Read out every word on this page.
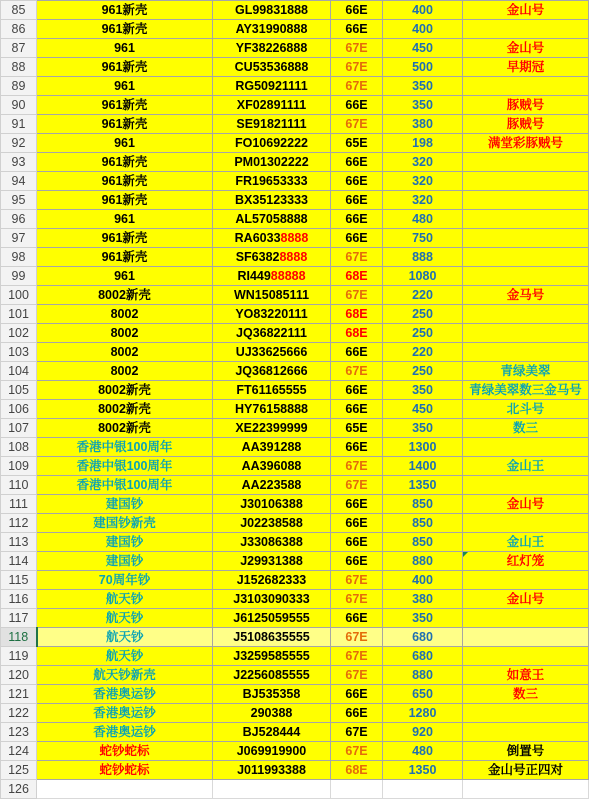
85	961新壳	GL99831888	66E	400	金山号
86	961新壳	AY31990888	66E	400	
87	961	YF38226888	67E	450	金山号
88	961新壳	CU53536888	67E	500	早期冠
89	961	RG50921111	67E	350	
90	961新壳	XF02891111	66E	350	豚贼号
91	961新壳	SE91821111	67E	380	豚贼号
92	961	FO10692222	65E	198	满堂彩豚贼号
93	961新壳	PM01302222	66E	320	
94	961新壳	FR19653333	66E	320	
95	961新壳	BX35123333	66E	320	
96	961	AL57058888	66E	480	
97	961新壳	RA60338888	66E	750	
98	961新壳	SF63828888	67E	888	
99	961	RI44988888	68E	1080	
100	8002新壳	WN15085111	67E	220	金马号
101	8002	YO83220111	68E	250	
102	8002	JQ36822111	68E	250	
103	8002	UJ33625666	66E	220	
104	8002	JQ36812666	67E	250	青绿美翠
105	8002新壳	FT61165555	66E	350	青绿美翠数三金马号
106	8002新壳	HY76158888	66E	450	北斗号
107	8002新壳	XE22399999	65E	350	数三
108	香港中银100周年	AA391288	66E	1300	
109	香港中银100周年	AA396088	67E	1400	金山王
110	香港中银100周年	AA223588	67E	1350	
111	建国钞	J30106388	66E	850	金山号
112	建国钞新壳	J02238588	66E	850	
113	建国钞	J33086388	66E	850	金山王
114	建国钞	J29931388	66E	880	红灯笼
115	70周年钞	J152682333	67E	400	
116	航天钞	J3103090333	67E	380	金山号
117	航天钞	J6125059555	66E	350	
118	航天钞	J5108635555	67E	680	
119	航天钞	J3259585555	67E	680	
120	航天钞新壳	J2256085555	67E	880	如意王
121	香港奥运钞	BJ535358	66E	650	数三
122	香港奥运钞	290388	66E	1280	
123	香港奥运钞	BJ528444	67E	920	
124	蛇钞蛇标	J069919900	67E	480	倒置号
125	蛇钞蛇标	J011993388	68E	1350	金山号正四对
126					
